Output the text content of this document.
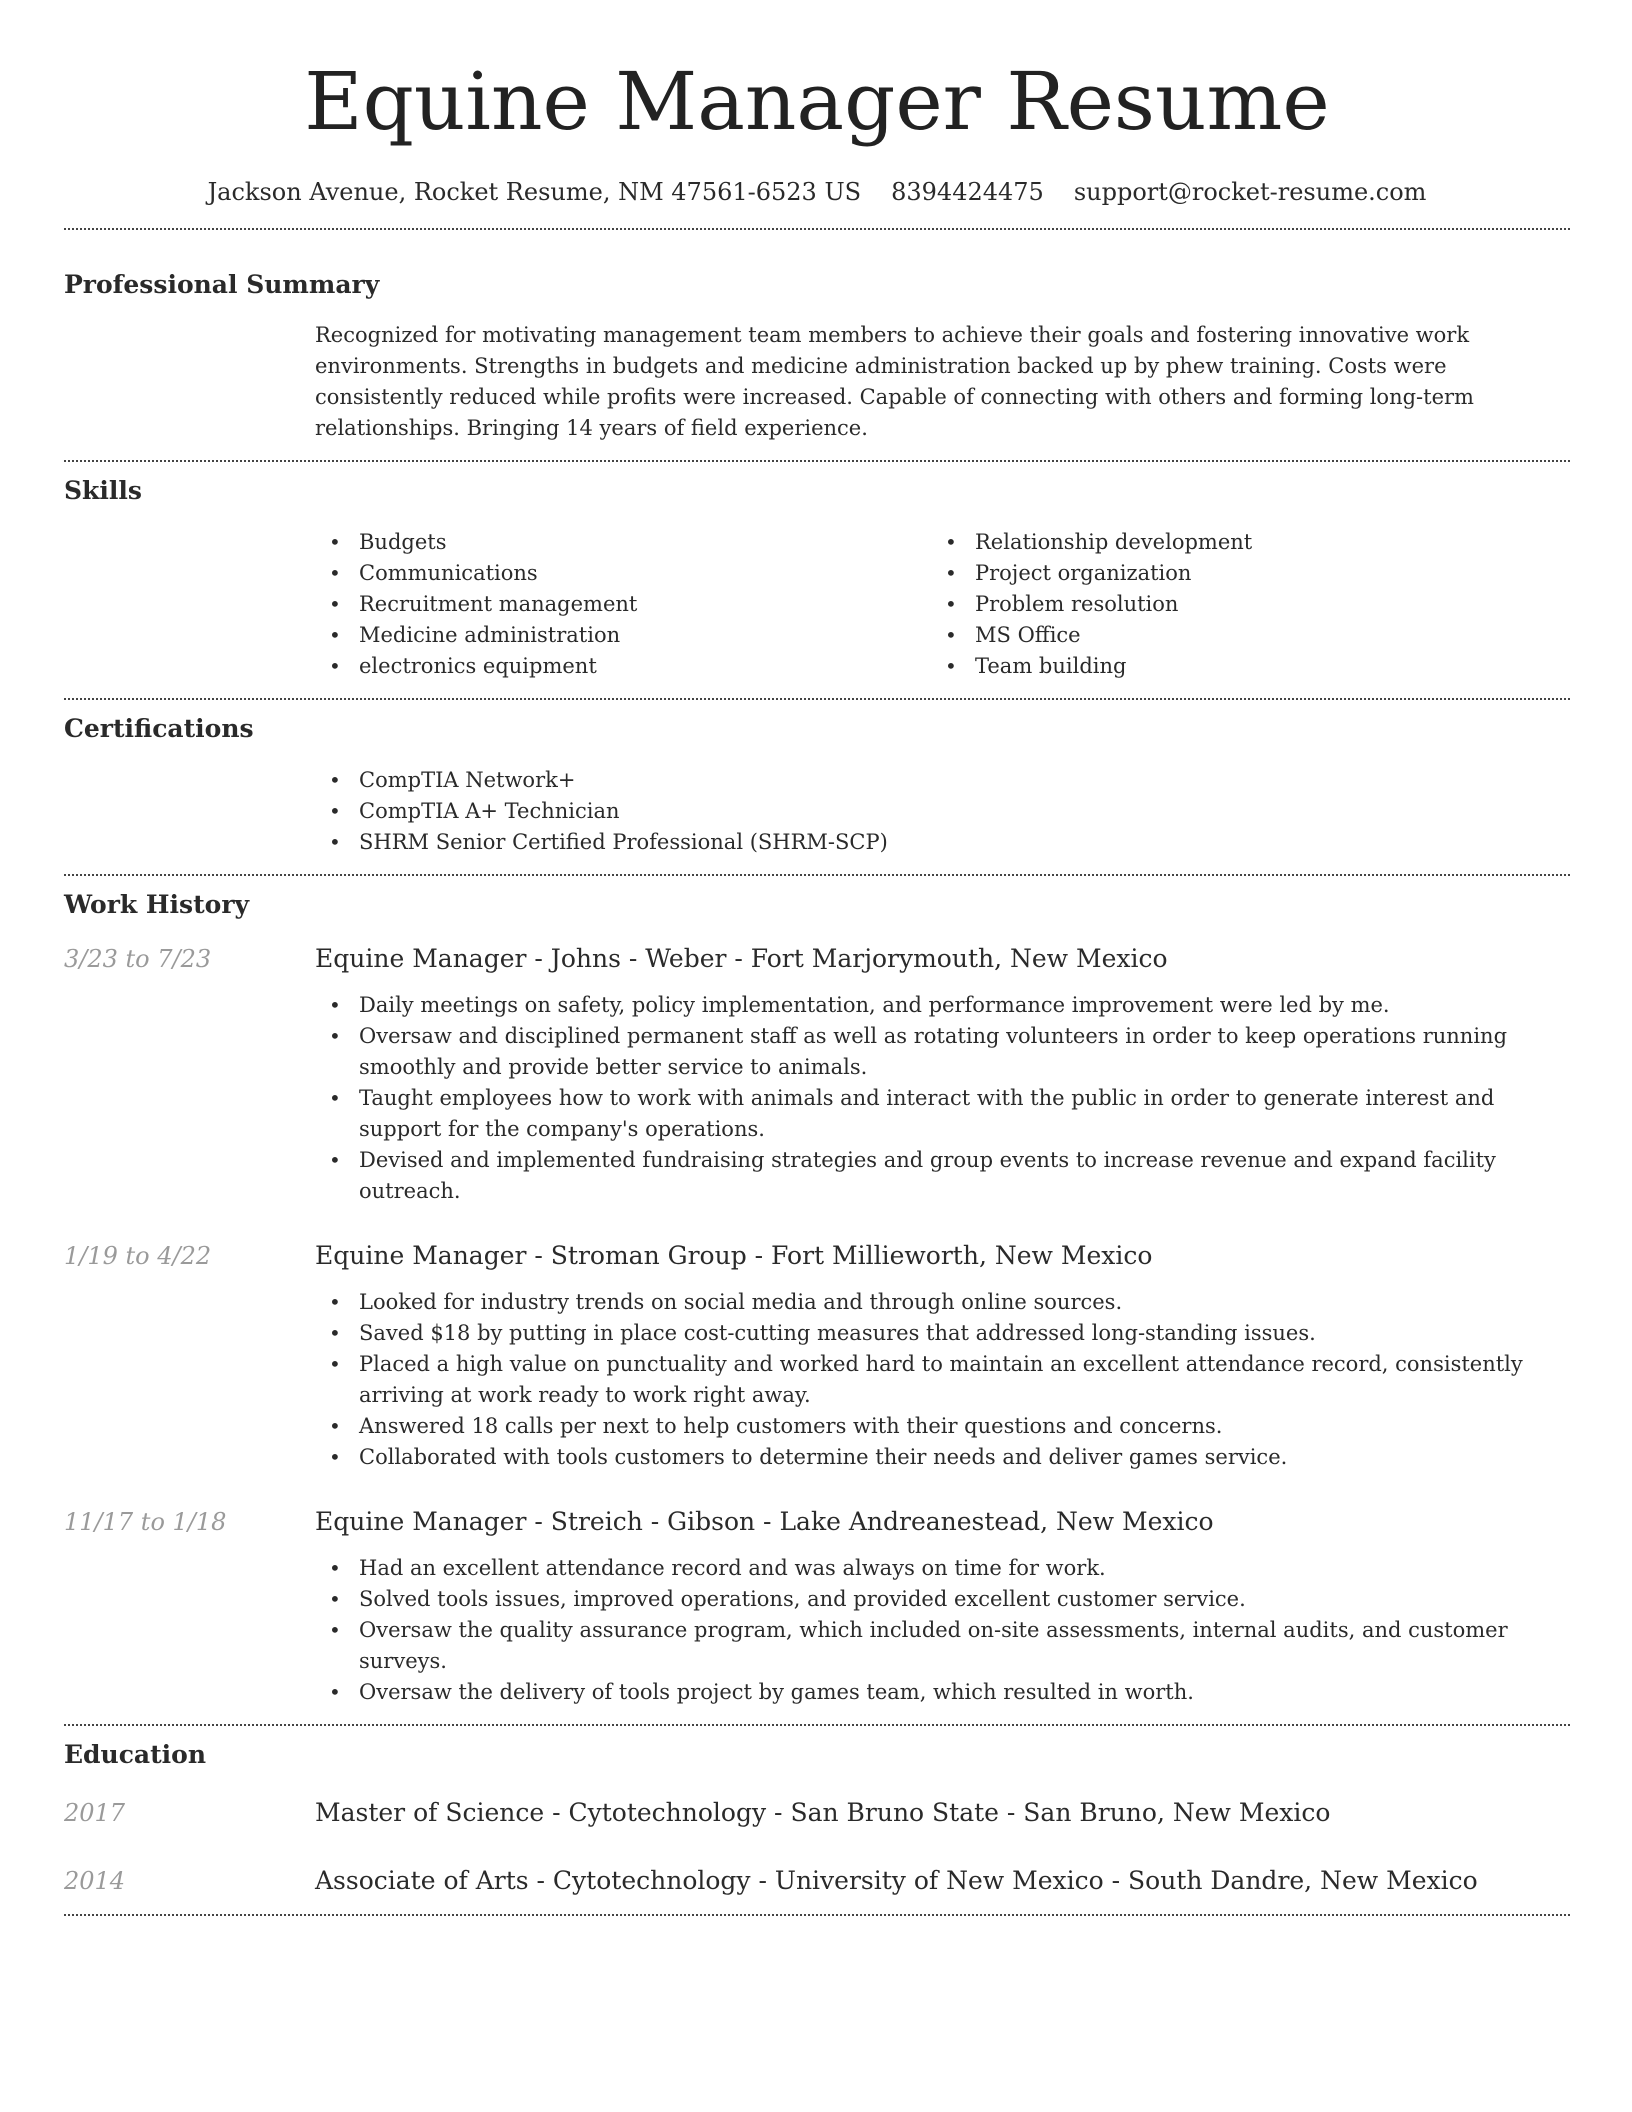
Equine Manager Resume
Jackson Avenue, Rocket Resume, NM 47561-6523 US 8394424475 support@rocket-resume.com
Professional Summary

Recognized for motivating management team members to achieve their goals and fostering innovative work environments. Strengths in budgets and medicine administration backed up by phew training. Costs were consistently reduced while profits were increased. Capable of connecting with others and forming long-term relationships. Bringing 14 years of field experience.

Skills
• Budgets
• Communications
• Recruitment management
• Medicine administration
• electronics equipment
• Relationship development
• Project organization
• Problem resolution
• MS Office
• Team building
Certifications
• CompTIA Network+
• CompTIA A+ Technician
• SHRM Senior Certified Professional (SHRM-SCP)
Work History
3/23 to 7/23	Equine Manager - Johns - Weber - Fort Marjorymouth, New Mexico
• Daily meetings on safety, policy implementation, and performance improvement were led by me.
• Oversaw and disciplined permanent staff as well as rotating volunteers in order to keep operations running smoothly and provide better service to animals.
• Taught employees how to work with animals and interact with the public in order to generate interest and support for the company's operations.
• Devised and implemented fundraising strategies and group events to increase revenue and expand facility outreach.
1/19 to 4/22	Equine Manager - Stroman Group - Fort Millieworth, New Mexico
• Looked for industry trends on social media and through online sources.
• Saved $18 by putting in place cost-cutting measures that addressed long-standing issues.
• Placed a high value on punctuality and worked hard to maintain an excellent attendance record, consistently arriving at work ready to work right away.
• Answered 18 calls per next to help customers with their questions and concerns.
• Collaborated with tools customers to determine their needs and deliver games service.
11/17 to 1/18	Equine Manager - Streich - Gibson - Lake Andreanestead, New Mexico
• Had an excellent attendance record and was always on time for work.
• Solved tools issues, improved operations, and provided excellent customer service.
• Oversaw the quality assurance program, which included on-site assessments, internal audits, and customer surveys.
• Oversaw the delivery of tools project by games team, which resulted in worth.
Education
2017	Master of Science - Cytotechnology - San Bruno State - San Bruno, New Mexico
2014	Associate of Arts - Cytotechnology - University of New Mexico - South Dandre, New Mexico
